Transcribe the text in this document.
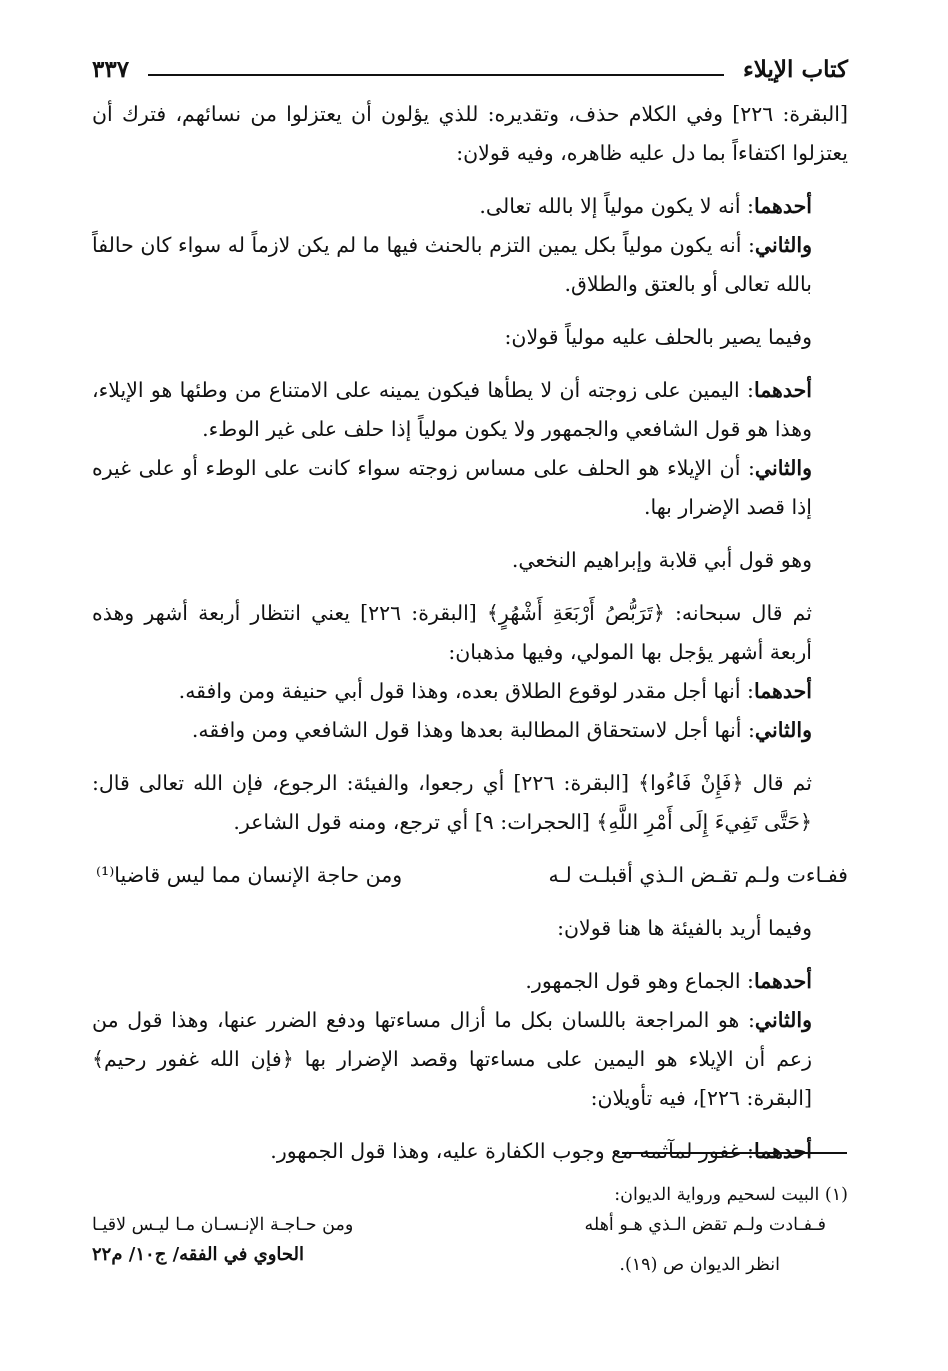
كتاب الإيلاء
٣٣٧

[البقرة: ٢٢٦] وفي الكلام حذف، وتقديره: للذي يؤلون أن يعتزلوا من نسائهم، فترك أن يعتزلوا اكتفاءاً بما دل عليه ظاهره، وفيه قولان:

أحدهما: أنه لا يكون مولياً إلا بالله تعالى.

والثاني: أنه يكون مولياً بكل يمين التزم بالحنث فيها ما لم يكن لازماً له سواء كان حالفاً بالله تعالى أو بالعتق والطلاق.

وفيما يصير بالحلف عليه مولياً قولان:

أحدهما: اليمين على زوجته أن لا يطأها فيكون يمينه على الامتناع من وطئها هو الإيلاء، وهذا هو قول الشافعي والجمهور ولا يكون مولياً إذا حلف على غير الوطء.

والثاني: أن الإيلاء هو الحلف على مساس زوجته سواء كانت على الوطء أو على غيره إذا قصد الإضرار بها.

وهو قول أبي قلابة وإبراهيم النخعي.

ثم قال سبحانه: ﴿تَرَبُّصُ أَرْبَعَةِ أَشْهُرٍ﴾ [البقرة: ٢٢٦] يعني انتظار أربعة أشهر وهذه أربعة أشهر يؤجل بها المولي، وفيها مذهبان:

أحدهما: أنها أجل مقدر لوقوع الطلاق بعده، وهذا قول أبي حنيفة ومن وافقه.

والثاني: أنها أجل لاستحقاق المطالبة بعدها وهذا قول الشافعي ومن وافقه.

ثم قال ﴿فَإِنْ فَاءُوا﴾ [البقرة: ٢٢٦] أي رجعوا، والفيئة: الرجوع، فإن الله تعالى قال: ﴿حَتَّى تَفِيءَ إِلَى أَمْرِ اللَّهِ﴾ [الحجرات: ٩] أي ترجع، ومنه قول الشاعر.

ففـاءت ولـم تقـض الـذي أقبلـت لـه
ومن حاجة الإنسان مما ليس قاضيا⁽¹⁾

وفيما أريد بالفيئة ها هنا قولان:

أحدهما: الجماع وهو قول الجمهور.

والثاني: هو المراجعة باللسان بكل ما أزال مساءتها ودفع الضرر عنها، وهذا قول من زعم أن الإيلاء هو اليمين على مساءتها وقصد الإضرار بها ﴿فإن الله غفور رحيم﴾ [البقرة: ٢٢٦]، فيه تأويلان:

أحدهما: غفور لمآثمه مع وجوب الكفارة عليه، وهذا قول الجمهور.

(١) البيت لسحيم ورواية الديوان:
فـفـادت ولـم تقض الـذي هـو أهله
ومن حـاجـة الإنـسـان مـا ليـس لاقيـا
انظر الديوان ص (١٩).
الحاوي في الفقه/ ج١٠/ م٢٢
